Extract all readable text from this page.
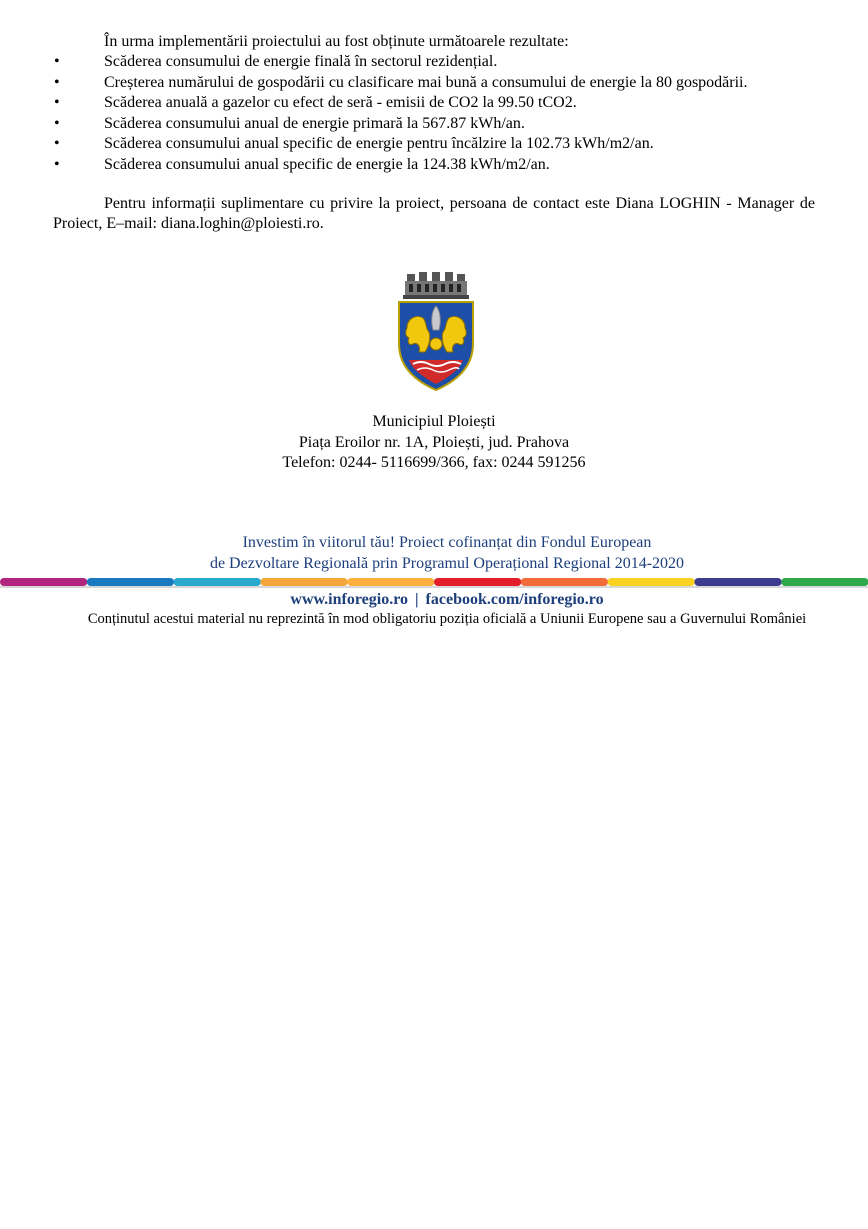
În urma implementării proiectului au fost obținute următoarele rezultate:
•	Scăderea consumului de energie finală în sectorul rezidențial.
•	Creșterea numărului de gospodării cu clasificare mai bună a consumului de energie la 80 gospodării.
•	Scăderea anuală a gazelor cu efect de seră - emisii de CO2 la 99.50 tCO2.
•	Scăderea consumului anual de energie primară la 567.87 kWh/an.
•	Scăderea consumului anual specific de energie pentru încălzire la 102.73 kWh/m2/an.
•	Scăderea consumului anual specific de energie la 124.38 kWh/m2/an.
Pentru informații suplimentare cu privire la proiect, persoana de contact este Diana LOGHIN - Manager de Proiect, E–mail: diana.loghin@ploiesti.ro.
Municipiul Ploiești
Piața Eroilor nr. 1A, Ploiești, jud. Prahova
Telefon: 0244- 5116699/366, fax: 0244 591256
Investim în viitorul tău! Proiect cofinanțat din Fondul European
de Dezvoltare Regională prin Programul Operațional Regional 2014-2020
www.inforegio.ro | facebook.com/inforegio.ro
Conținutul acestui material nu reprezintă în mod obligatoriu poziția oficială a Uniunii Europene sau a Guvernului României
